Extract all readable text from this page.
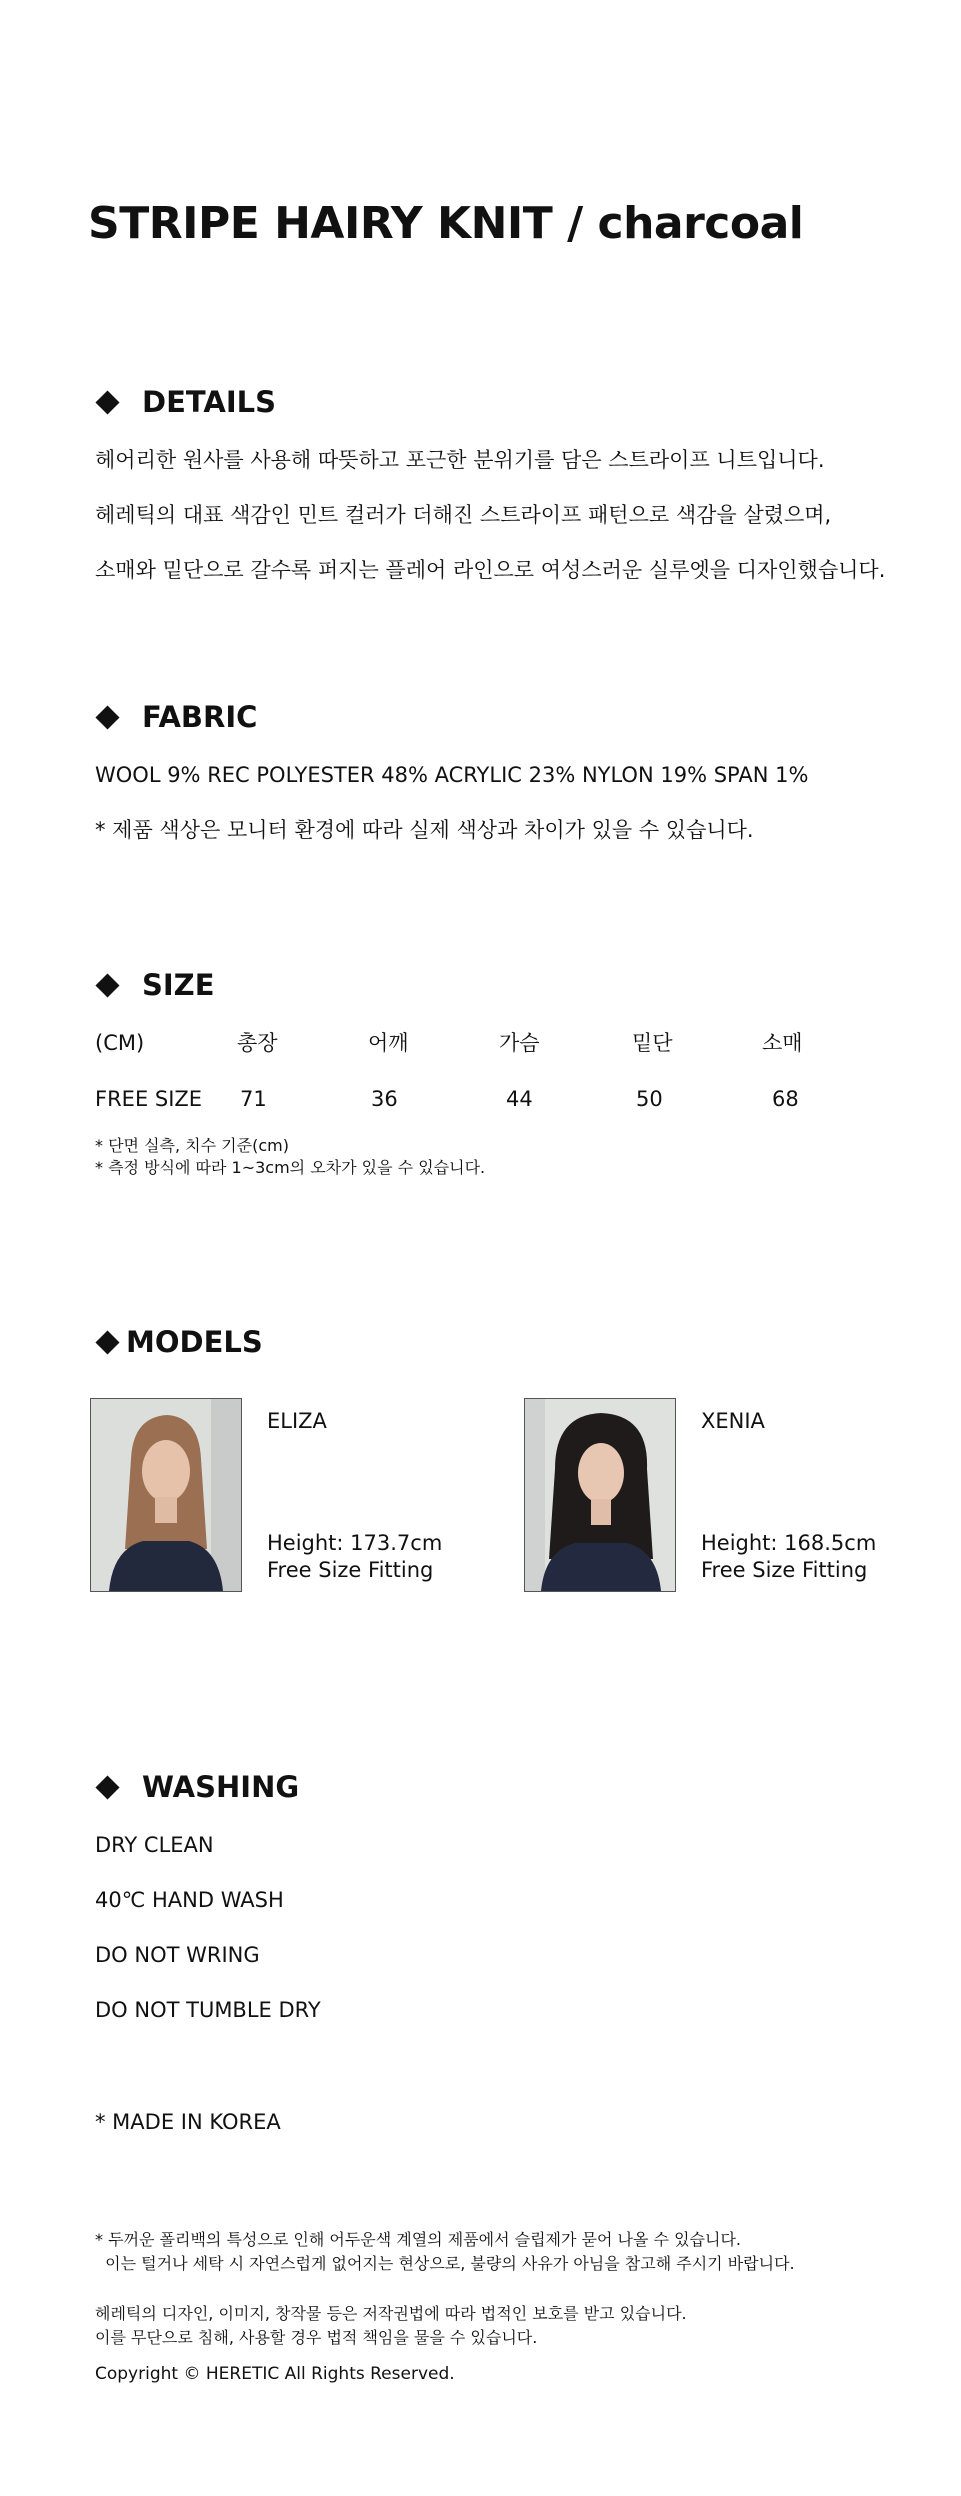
STRIPE HAIRY KNIT / charcoal
DETAILS
헤어리한 원사를 사용해 따뜻하고 포근한 분위기를 담은 스트라이프 니트입니다.
헤레틱의 대표 색감인 민트 컬러가 더해진 스트라이프 패턴으로 색감을 살렸으며,
소매와 밑단으로 갈수록 퍼지는 플레어 라인으로 여성스러운 실루엣을 디자인했습니다.
FABRIC
WOOL 9% REC POLYESTER 48% ACRYLIC 23% NYLON 19% SPAN 1%
* 제품 색상은 모니터 환경에 따라 실제 색상과 차이가 있을 수 있습니다.
SIZE
(CM)	총장	어깨	가슴	밑단	소매
FREE SIZE 71	36	44	50	68
* 단면 실측, 치수 기준(cm)
* 측정 방식에 따라 1~3cm의 오차가 있을 수 있습니다.
MODELS
ELIZA
Height: 173.7cm
Free Size Fitting
XENIA
Height: 168.5cm
Free Size Fitting
WASHING
DRY CLEAN
40℃ HAND WASH
DO NOT WRING
DO NOT TUMBLE DRY
* MADE IN KOREA
* 두꺼운 폴리백의 특성으로 인해 어두운색 계열의 제품에서 슬립제가 묻어 나올 수 있습니다.
이는 털거나 세탁 시 자연스럽게 없어지는 현상으로, 불량의 사유가 아님을 참고해 주시기 바랍니다.
헤레틱의 디자인, 이미지, 창작물 등은 저작권법에 따라 법적인 보호를 받고 있습니다.
이를 무단으로 침해, 사용할 경우 법적 책임을 물을 수 있습니다.
Copyright © HERETIC All Rights Reserved.
